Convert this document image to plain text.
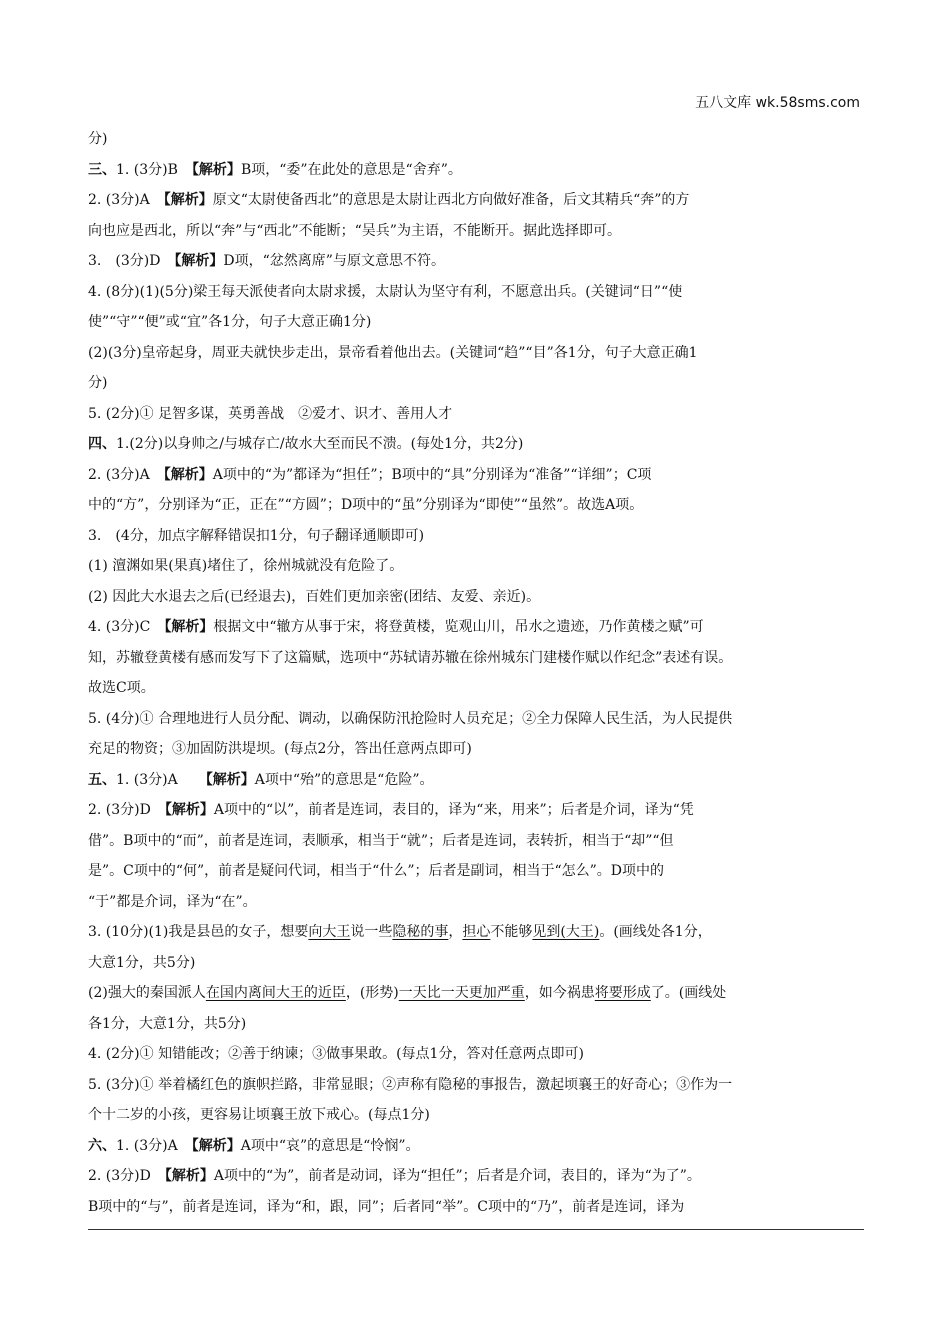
五八文库 wk.58sms.com

分)

三、1. (3分)B　【解析】B项，“委”在此处的意思是“舍弃”。

2. (3分)A　【解析】原文“太尉使备西北”的意思是太尉让西北方向做好准备，后文其精兵“奔”的方

向也应是西北，所以“奔”与“西北”不能断；“吴兵”为主语，不能断开。据此选择即可。

3.　(3分)D　【解析】D项，“忿然离席”与原文意思不符。

4. (8分)(1)(5分)梁王每天派使者向太尉求援，太尉认为坚守有利，不愿意出兵。(关键词“日”“使

使”“守”“便”或“宜”各1分，句子大意正确1分)

(2)(3分)皇帝起身，周亚夫就快步走出，景帝看着他出去。(关键词“趋”“目”各1分，句子大意正确1

分)

5. (2分)① 足智多谋，英勇善战　②爱才、识才、善用人才

四、1.(2分)以身帅之/与城存亡/故水大至而民不溃。(每处1分，共2分)

2. (3分)A　【解析】A项中的“为”都译为“担任”；B项中的“具”分别译为“准备”“详细”；C项

中的“方”，分别译为“正，正在”“方圆”；D项中的“虽”分别译为“即使”“虽然”。故选A项。

3.　(4分，加点字解释错误扣1分，句子翻译通顺即可)

(1) 澶渊如果(果真)堵住了，徐州城就没有危险了。

(2) 因此大水退去之后(已经退去)，百姓们更加亲密(团结、友爱、亲近)。

4. (3分)C　【解析】根据文中“辙方从事于宋，将登黄楼，览观山川，吊水之遗迹，乃作黄楼之赋”可

知，苏辙登黄楼有感而发写下了这篇赋，选项中“苏轼请苏辙在徐州城东门建楼作赋以作纪念”表述有误。

故选C项。

5. (4分)① 合理地进行人员分配、调动，以确保防汛抢险时人员充足；②全力保障人民生活，为人民提供

充足的物资；③加固防洪堤坝。(每点2分，答出任意两点即可)

五、1. (3分)A　　【解析】A项中“殆”的意思是“危险”。

2. (3分)D　【解析】A项中的“以”，前者是连词，表目的，译为“来，用来”；后者是介词，译为“凭

借”。B项中的“而”，前者是连词，表顺承，相当于“就”；后者是连词，表转折，相当于“却”“但

是”。C项中的“何”，前者是疑问代词，相当于“什么”；后者是副词，相当于“怎么”。D项中的

“于”都是介词，译为“在”。

3. (10分)(1)我是县邑的女子，想要向大王说一些隐秘的事，担心不能够见到(大王)。(画线处各1分，

大意1分，共5分)

(2)强大的秦国派人在国内离间大王的近臣，(形势)一天比一天更加严重，如今祸患将要形成了。(画线处

各1分，大意1分，共5分)

4. (2分)① 知错能改；②善于纳谏；③做事果敢。(每点1分，答对任意两点即可)

5. (3分)① 举着橘红色的旗帜拦路，非常显眼；②声称有隐秘的事报告，激起顷襄王的好奇心；③作为一

个十二岁的小孩，更容易让顷襄王放下戒心。(每点1分)

六、1. (3分)A　【解析】A项中“哀”的意思是“怜悯”。

2. (3分)D　【解析】A项中的“为”，前者是动词，译为“担任”；后者是介词，表目的，译为“为了”。

B项中的“与”，前者是连词，译为“和，跟，同”；后者同“举”。C项中的“乃”，前者是连词，译为
